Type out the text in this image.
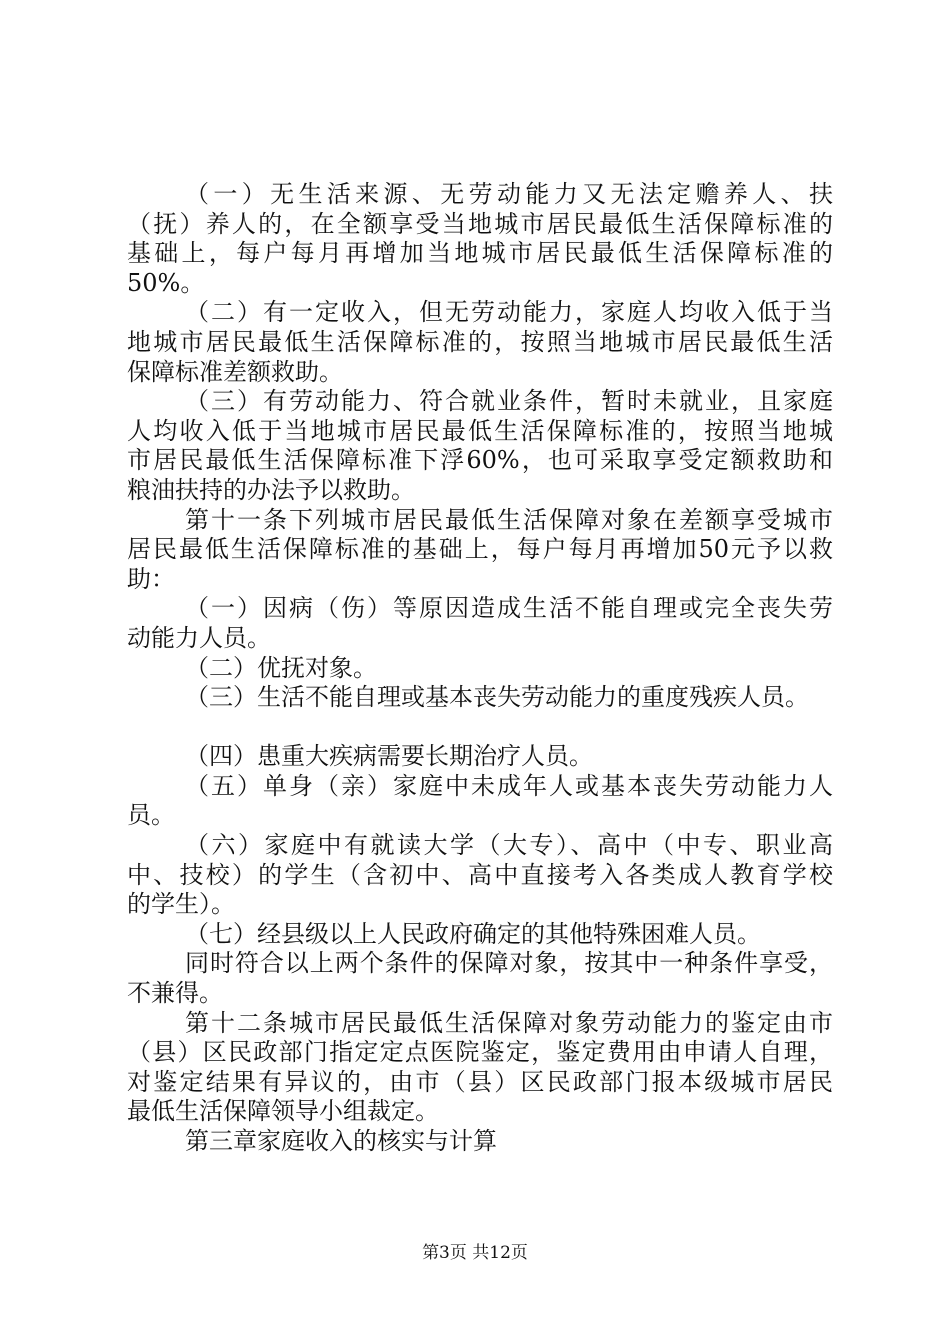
（一）无生活来源、无劳动能力又无法定赡养人、扶
（抚）养人的，在全额享受当地城市居民最低生活保障标准的
基础上，每户每月再增加当地城市居民最低生活保障标准的
50%。
（二）有一定收入，但无劳动能力，家庭人均收入低于当
地城市居民最低生活保障标准的，按照当地城市居民最低生活
保障标准差额救助。
（三）有劳动能力、符合就业条件，暂时未就业，且家庭
人均收入低于当地城市居民最低生活保障标准的，按照当地城
市居民最低生活保障标准下浮60%，也可采取享受定额救助和
粮油扶持的办法予以救助。
第十一条下列城市居民最低生活保障对象在差额享受城市
居民最低生活保障标准的基础上，每户每月再增加50元予以救
助：
（一）因病（伤）等原因造成生活不能自理或完全丧失劳
动能力人员。
（二）优抚对象。
（三）生活不能自理或基本丧失劳动能力的重度残疾人员。
（四）患重大疾病需要长期治疗人员。
（五）单身（亲）家庭中未成年人或基本丧失劳动能力人
员。
（六）家庭中有就读大学（大专）、高中（中专、职业高
中、技校）的学生（含初中、高中直接考入各类成人教育学校
的学生）。
（七）经县级以上人民政府确定的其他特殊困难人员。
同时符合以上两个条件的保障对象，按其中一种条件享受，
不兼得。
第十二条城市居民最低生活保障对象劳动能力的鉴定由市
（县）区民政部门指定定点医院鉴定，鉴定费用由申请人自理，
对鉴定结果有异议的，由市（县）区民政部门报本级城市居民
最低生活保障领导小组裁定。
第三章家庭收入的核实与计算
第3页 共12页
